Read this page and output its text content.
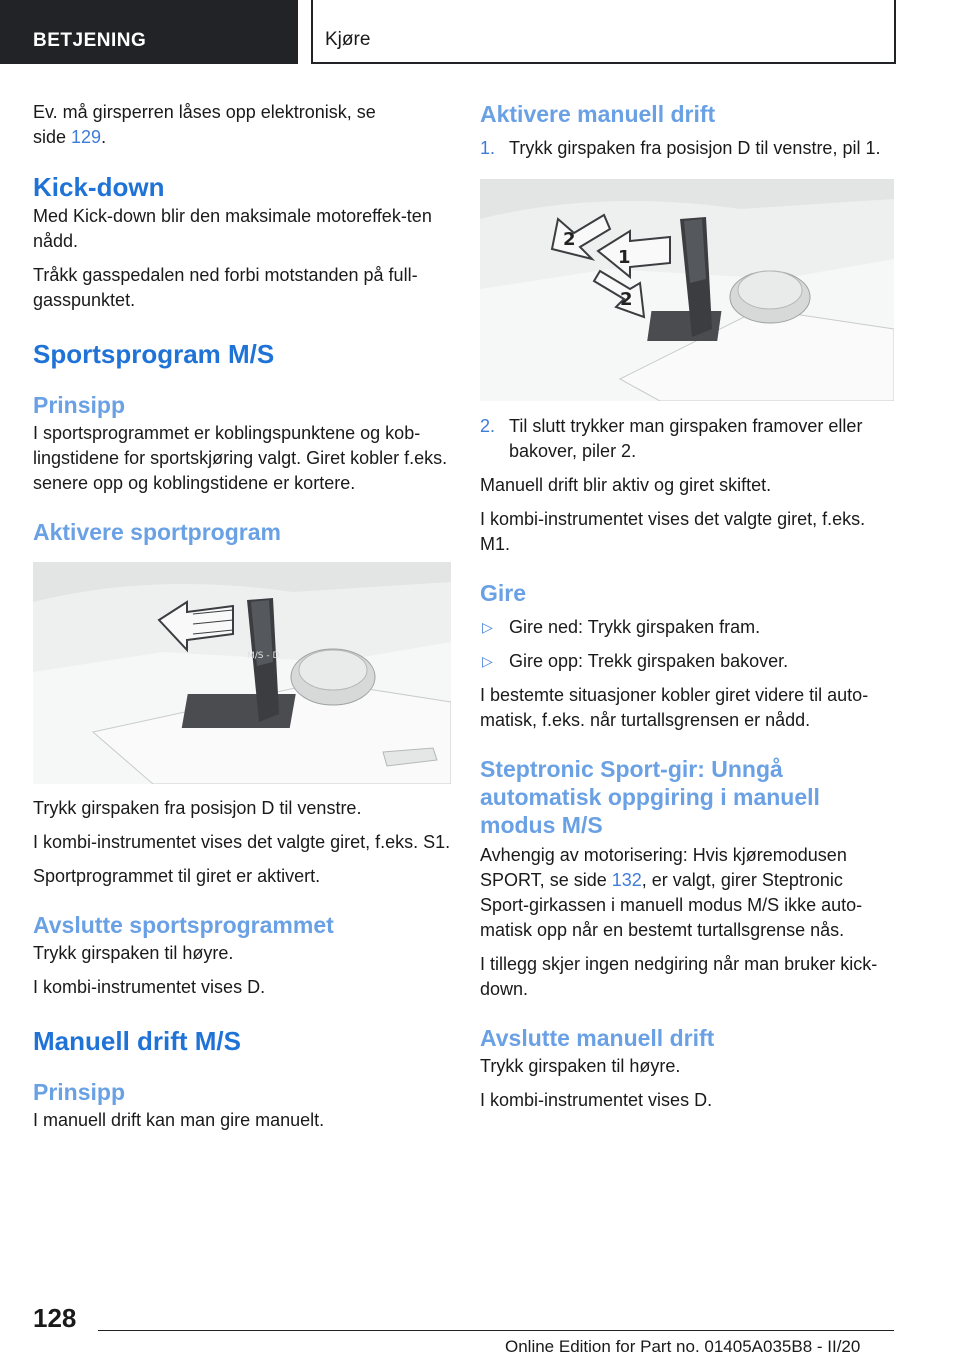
BETJENING	Kjøre

Ev. må girsperren låses opp elektronisk, se side 129.

Kick-down

Med Kick-down blir den maksimale motoreffek-ten nådd.

Tråkk gasspedalen ned forbi motstanden på full-gasspunktet.

Sportsprogram M/S
Prinsipp

I sportsprogrammet er koblingspunktene og kob-lingstidene for sportskjøring valgt. Giret kobler f.eks. senere opp og koblingstidene er kortere.

Aktivere sportprogram
M/S - D

Trykk girspaken fra posisjon D til venstre.

I kombi-instrumentet vises det valgte giret, f.eks. S1.

Sportprogrammet til giret er aktivert.

Avslutte sportsprogrammet

Trykk girspaken til høyre.

I kombi-instrumentet vises D.

Manuell drift M/S
Prinsipp

I manuell drift kan man gire manuelt.

Aktivere manuell drift
1. Trykk girspaken fra posisjon D til venstre, pil 1.
2
1
2
2. Til slutt trykker man girspaken framover eller bakover, piler 2.

Manuell drift blir aktiv og giret skiftet.

I kombi-instrumentet vises det valgte giret, f.eks. M1.

Gire
▷ Gire ned: Trykk girspaken fram.
▷ Gire opp: Trekk girspaken bakover.

I bestemte situasjoner kobler giret videre til auto-matisk, f.eks. når turtallsgrensen er nådd.

Steptronic Sport-gir: Unngå automatisk oppgiring i manuell modus M/S

Avhengig av motorisering: Hvis kjøremodusen SPORT, se side 132, er valgt, girer Steptronic Sport-girkassen i manuell modus M/S ikke auto-matisk opp når en bestemt turtallsgrense nås.

I tillegg skjer ingen nedgiring når man bruker kick-down.

Avslutte manuell drift

Trykk girspaken til høyre.

I kombi-instrumentet vises D.

128
Online Edition for Part no. 01405A035B8 - II/20
